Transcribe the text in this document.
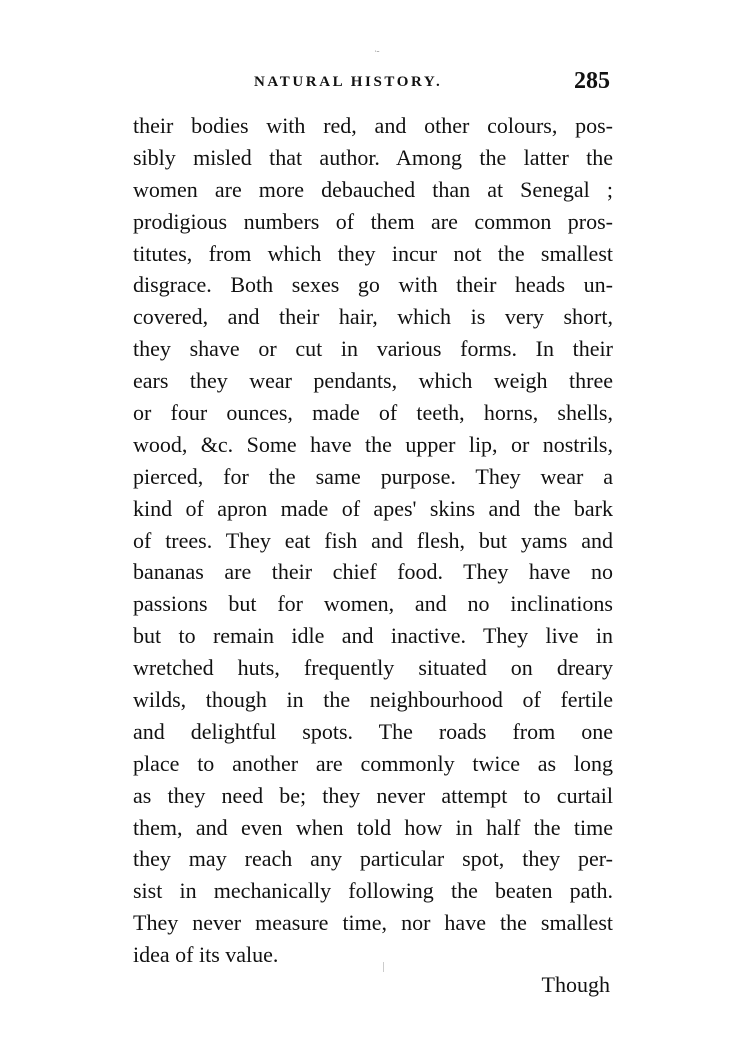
˙ˉ
NATURAL HISTORY.	285
their bodies with red, and other colours, pos-
sibly misled that author. Among the latter the
women are more debauched than at Senegal ;
prodigious numbers of them are common pros-
titutes, from which they incur not the smallest
disgrace. Both sexes go with their heads un-
covered, and their hair, which is very short,
they shave or cut in various forms. In their
ears they wear pendants, which weigh three
or four ounces, made of teeth, horns, shells,
wood, &c. Some have the upper lip, or nostrils,
pierced, for the same purpose. They wear a
kind of apron made of apes' skins and the bark
of trees. They eat fish and flesh, but yams and
bananas are their chief food. They have no
passions but for women, and no inclinations
but to remain idle and inactive. They live in
wretched huts, frequently situated on dreary
wilds, though in the neighbourhood of fertile
and delightful spots. The roads from one
place to another are commonly twice as long
as they need be; they never attempt to curtail
them, and even when told how in half the time
they may reach any particular spot, they per-
sist in mechanically following the beaten path.
They never measure time, nor have the smallest
idea of its value.
Though
